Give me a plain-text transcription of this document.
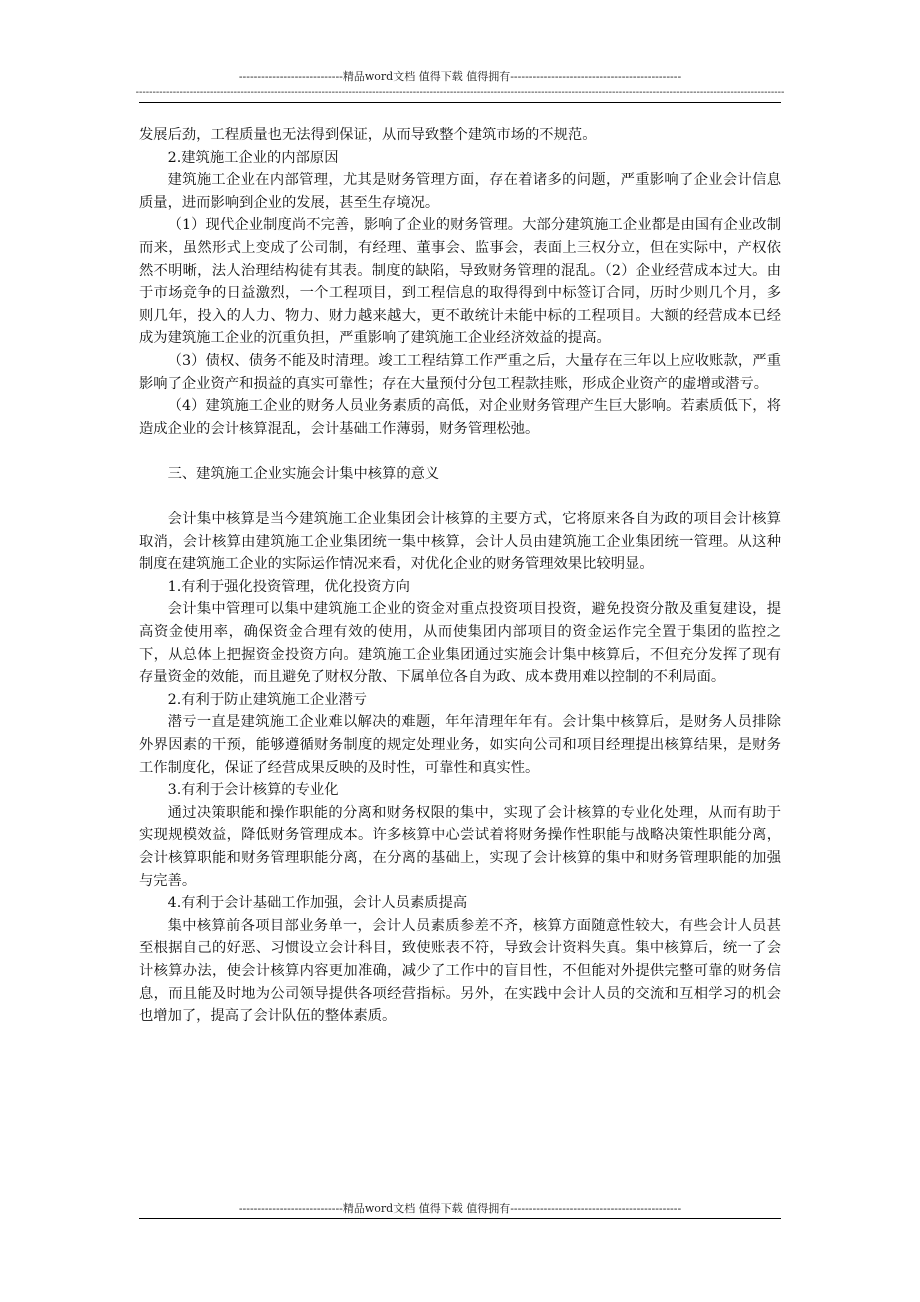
----------------------------精品word文档 值得下载 值得拥有----------------------------------------------
------------------------------------------------------------------------------------------------------------------------------------------------------------------------------------------------

发展后劲，工程质量也无法得到保证，从而导致整个建筑市场的不规范。

2.建筑施工企业的内部原因

建筑施工企业在内部管理，尤其是财务管理方面，存在着诸多的问题，严重影响了企业会计信息质量，进而影响到企业的发展，甚至生存境况。

（1）现代企业制度尚不完善，影响了企业的财务管理。大部分建筑施工企业都是由国有企业改制而来，虽然形式上变成了公司制，有经理、董事会、监事会，表面上三权分立，但在实际中，产权依然不明晰，法人治理结构徒有其表。制度的缺陷，导致财务管理的混乱。（2）企业经营成本过大。由于市场竞争的日益激烈，一个工程项目，到工程信息的取得得到中标签订合同，历时少则几个月，多则几年，投入的人力、物力、财力越来越大，更不敢统计未能中标的工程项目。大额的经营成本已经成为建筑施工企业的沉重负担，严重影响了建筑施工企业经济效益的提高。

（3）债权、债务不能及时清理。竣工工程结算工作严重之后，大量存在三年以上应收账款，严重影响了企业资产和损益的真实可靠性；存在大量预付分包工程款挂账，形成企业资产的虚增或潜亏。

（4）建筑施工企业的财务人员业务素质的高低，对企业财务管理产生巨大影响。若素质低下，将造成企业的会计核算混乱，会计基础工作薄弱，财务管理松弛。

三、建筑施工企业实施会计集中核算的意义

会计集中核算是当今建筑施工企业集团会计核算的主要方式，它将原来各自为政的项目会计核算取消，会计核算由建筑施工企业集团统一集中核算，会计人员由建筑施工企业集团统一管理。从这种制度在建筑施工企业的实际运作情况来看，对优化企业的财务管理效果比较明显。

1.有利于强化投资管理，优化投资方向

会计集中管理可以集中建筑施工企业的资金对重点投资项目投资，避免投资分散及重复建设，提高资金使用率，确保资金合理有效的使用，从而使集团内部项目的资金运作完全置于集团的监控之下，从总体上把握资金投资方向。建筑施工企业集团通过实施会计集中核算后，不但充分发挥了现有存量资金的效能，而且避免了财权分散、下属单位各自为政、成本费用难以控制的不利局面。

2.有利于防止建筑施工企业潜亏

潜亏一直是建筑施工企业难以解决的难题，年年清理年年有。会计集中核算后，是财务人员排除外界因素的干预，能够遵循财务制度的规定处理业务，如实向公司和项目经理提出核算结果，是财务工作制度化，保证了经营成果反映的及时性，可靠性和真实性。

3.有利于会计核算的专业化

通过决策职能和操作职能的分离和财务权限的集中，实现了会计核算的专业化处理，从而有助于实现规模效益，降低财务管理成本。许多核算中心尝试着将财务操作性职能与战略决策性职能分离，会计核算职能和财务管理职能分离，在分离的基础上，实现了会计核算的集中和财务管理职能的加强与完善。

4.有利于会计基础工作加强，会计人员素质提高

集中核算前各项目部业务单一，会计人员素质参差不齐，核算方面随意性较大，有些会计人员甚至根据自己的好恶、习惯设立会计科目，致使账表不符，导致会计资料失真。集中核算后，统一了会计核算办法，使会计核算内容更加准确，减少了工作中的盲目性，不但能对外提供完整可靠的财务信息，而且能及时地为公司领导提供各项经营指标。另外，在实践中会计人员的交流和互相学习的机会也增加了，提高了会计队伍的整体素质。

----------------------------精品word文档 值得下载 值得拥有----------------------------------------------
